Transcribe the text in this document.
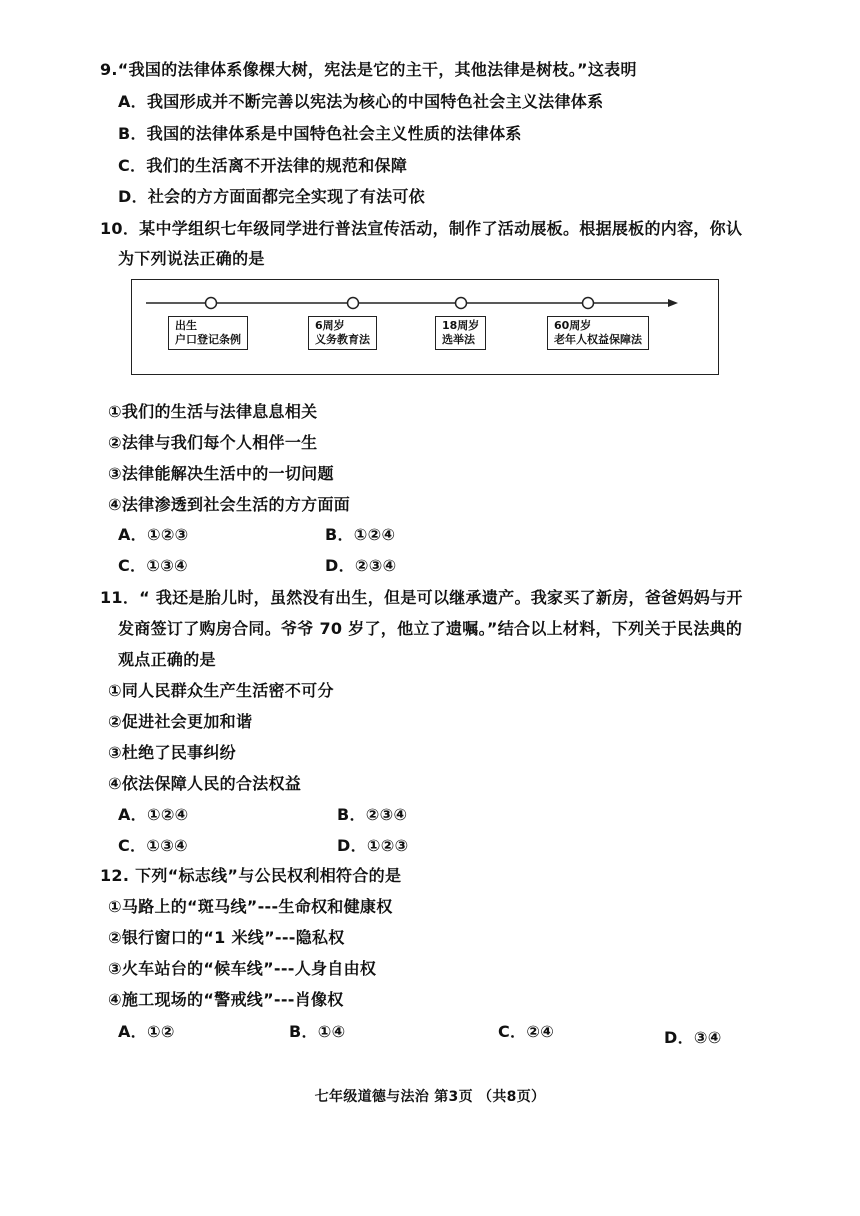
9.“我国的法律体系像棵大树，宪法是它的主干，其他法律是树枝。”这表明
A．我国形成并不断完善以宪法为核心的中国特色社会主义法律体系
B．我国的法律体系是中国特色社会主义性质的法律体系
C．我们的生活离不开法律的规范和保障
D．社会的方方面面都完全实现了有法可依
10．某中学组织七年级同学进行普法宣传活动，制作了活动展板。根据展板的内容，你认
为下列说法正确的是
出生
户口登记条例
6周岁
义务教育法
18周岁
选举法
60周岁
老年人权益保障法
①我们的生活与法律息息相关
②法律与我们每个人相伴一生
③法律能解决生活中的一切问题
④法律渗透到社会生活的方方面面
A．①②③	B．①②④
C．①③④	D．②③④
11．“ 我还是胎儿时，虽然没有出生，但是可以继承遗产。我家买了新房，爸爸妈妈与开
发商签订了购房合同。爷爷 70 岁了，他立了遗嘱。”结合以上材料，下列关于民法典的
观点正确的是
①同人民群众生产生活密不可分
②促进社会更加和谐
③杜绝了民事纠纷
④依法保障人民的合法权益
A．①②④	B．②③④
C．①③④	D．①②③
12. 下列“标志线”与公民权利相符合的是
①马路上的“斑马线”---生命权和健康权
②银行窗口的“1 米线”---隐私权
③火车站台的“候车线”---人身自由权
④施工现场的“警戒线”---肖像权
A．①②	B．①④	C．②④	D．③④
七年级道德与法治 第3页 （共8页）
